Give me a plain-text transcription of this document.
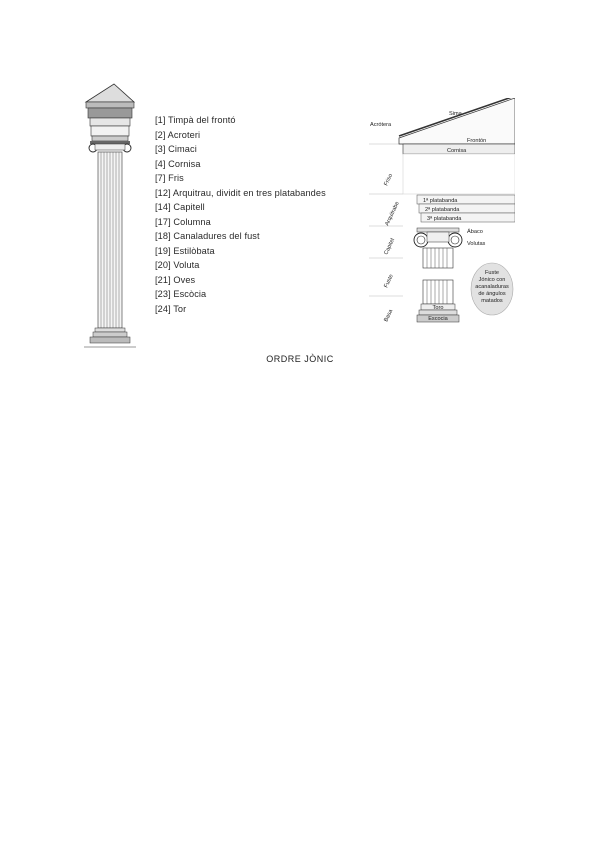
[1] Timpà del frontó
[2] Acroteri
[3] Cimaci
[4] Cornisa
[7] Fris
[12] Arquitrau, dividit en tres platabandes
[14] Capitell
[17] Columna
[18] Canaladures del fust
[19] Estilòbata
[20] Voluta
[21] Oves
[23] Escòcia
[24] Tor
Acrótera
Sima
Frontón
Cornisa
Friso
Arquitrabe	1ª platabanda
2ª platabanda
3ª platabanda
Capitel
Ábaco
Volutas
Fuste
Fuste
Jónico con
acanaladuras
de ángulos
matados
Basa
Toro
Escocia
ORDRE JÒNIC
